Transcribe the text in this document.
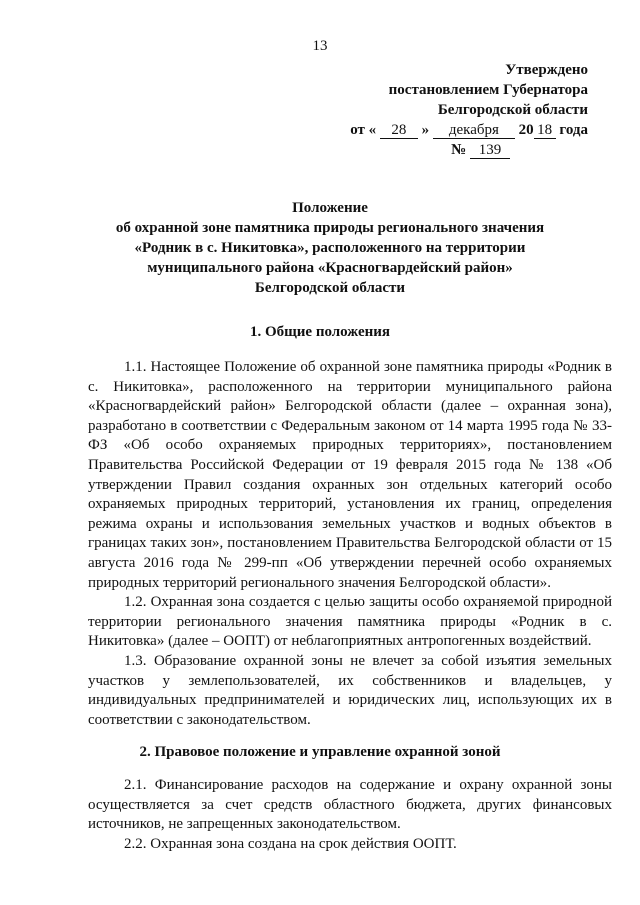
13
Утверждено
постановлением Губернатора
Белгородской области
от « 28 » декабря 20 18 года
№ 139
Положение
об охранной зоне памятника природы регионального значения
«Родник в с. Никитовка», расположенного на территории
муниципального района «Красногвардейский район»
Белгородской области
1. Общие положения

1.1. Настоящее Положение об охранной зоне памятника природы «Родник в с. Никитовка», расположенного на территории муниципального района «Красногвардейский район» Белгородской области (далее – охранная зона), разработано в соответствии с Федеральным законом от 14 марта 1995 года № 33-ФЗ «Об особо охраняемых природных территориях», постановлением Правительства Российской Федерации от 19 февраля 2015 года № 138 «Об утверждении Правил создания охранных зон отдельных категорий особо охраняемых природных территорий, установления их границ, определения режима охраны и использования земельных участков и водных объектов в границах таких зон», постановлением Правительства Белгородской области от 15 августа 2016 года № 299-пп «Об утверждении перечней особо охраняемых природных территорий регионального значения Белгородской области».

1.2. Охранная зона создается с целью защиты особо охраняемой природной территории регионального значения памятника природы «Родник в с. Никитовка» (далее – ООПТ) от неблагоприятных антропогенных воздействий.

1.3. Образование охранной зоны не влечет за собой изъятия земельных участков у землепользователей, их собственников и владельцев, у индивидуальных предпринимателей и юридических лиц, использующих их в соответствии с законодательством.

2. Правовое положение и управление охранной зоной

2.1. Финансирование расходов на содержание и охрану охранной зоны осуществляется за счет средств областного бюджета, других финансовых источников, не запрещенных законодательством.

2.2. Охранная зона создана на срок действия ООПТ.
